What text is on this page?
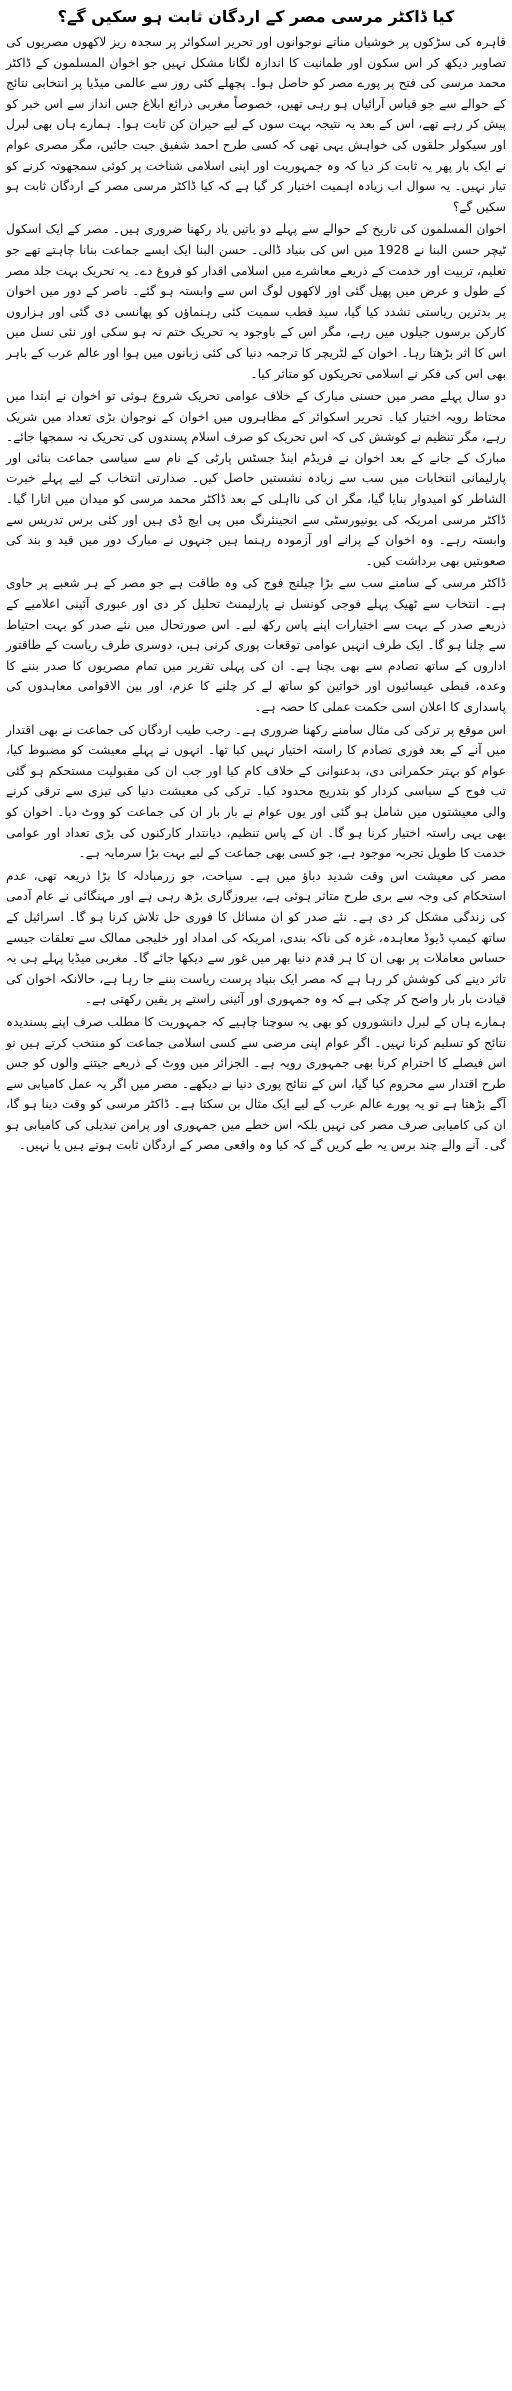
کیا ڈاکٹر مرسی مصر کے اردگان ثابت ہو سکیں گے؟

قاہرہ کی سڑکوں پر خوشیاں مناتے نوجوانوں اور تحریر اسکوائر پر سجدہ ریز لاکھوں مصریوں کی تصاویر دیکھ کر اس سکون اور طمانیت کا اندازہ لگانا مشکل نہیں جو اخوان المسلمون کے ڈاکٹر محمد مرسی کی فتح پر پورے مصر کو حاصل ہوا۔ پچھلے کئی روز سے عالمی میڈیا پر انتخابی نتائج کے حوالے سے جو قیاس آرائیاں ہو رہی تھیں، خصوصاً مغربی ذرائع ابلاغ جس انداز سے اس خبر کو پیش کر رہے تھے، اس کے بعد یہ نتیجہ بہت سوں کے لیے حیران کن ثابت ہوا۔ ہمارے ہاں بھی لبرل اور سیکولر حلقوں کی خواہش یہی تھی کہ کسی طرح احمد شفیق جیت جائیں، مگر مصری عوام نے ایک بار پھر یہ ثابت کر دیا کہ وہ جمہوریت اور اپنی اسلامی شناخت پر کوئی سمجھوتہ کرنے کو تیار نہیں۔ یہ سوال اب زیادہ اہمیت اختیار کر گیا ہے کہ کیا ڈاکٹر مرسی مصر کے اردگان ثابت ہو سکیں گے؟

اخوان المسلمون کی تاریخ کے حوالے سے پہلے دو باتیں یاد رکھنا ضروری ہیں۔ مصر کے ایک اسکول ٹیچر حسن البنا نے 1928 میں اس کی بنیاد ڈالی۔ حسن البنا ایک ایسے جماعت بنانا چاہتے تھے جو تعلیم، تربیت اور خدمت کے ذریعے معاشرے میں اسلامی اقدار کو فروغ دے۔ یہ تحریک بہت جلد مصر کے طول و عرض میں پھیل گئی اور لاکھوں لوگ اس سے وابستہ ہو گئے۔ ناصر کے دور میں اخوان پر بدترین ریاستی تشدد کیا گیا، سید قطب سمیت کئی رہنماؤں کو پھانسی دی گئی اور ہزاروں کارکن برسوں جیلوں میں رہے، مگر اس کے باوجود یہ تحریک ختم نہ ہو سکی اور نئی نسل میں اس کا اثر بڑھتا رہا۔ اخوان کے لٹریچر کا ترجمہ دنیا کی کئی زبانوں میں ہوا اور عالم عرب کے باہر بھی اس کی فکر نے اسلامی تحریکوں کو متاثر کیا۔

دو سال پہلے مصر میں حسنی مبارک کے خلاف عوامی تحریک شروع ہوئی تو اخوان نے ابتدا میں محتاط رویہ اختیار کیا۔ تحریر اسکوائر کے مظاہروں میں اخوان کے نوجوان بڑی تعداد میں شریک رہے، مگر تنظیم نے کوشش کی کہ اس تحریک کو صرف اسلام پسندوں کی تحریک نہ سمجھا جائے۔ مبارک کے جانے کے بعد اخوان نے فریڈم اینڈ جسٹس پارٹی کے نام سے سیاسی جماعت بنائی اور پارلیمانی انتخابات میں سب سے زیادہ نشستیں حاصل کیں۔ صدارتی انتخاب کے لیے پہلے خیرت الشاطر کو امیدوار بنایا گیا، مگر ان کی نااہلی کے بعد ڈاکٹر محمد مرسی کو میدان میں اتارا گیا۔ ڈاکٹر مرسی امریکہ کی یونیورسٹی سے انجینئرنگ میں پی ایچ ڈی ہیں اور کئی برس تدریس سے وابستہ رہے۔ وہ اخوان کے پرانے اور آزمودہ رہنما ہیں جنہوں نے مبارک دور میں قید و بند کی صعوبتیں بھی برداشت کیں۔

ڈاکٹر مرسی کے سامنے سب سے بڑا چیلنج فوج کی وہ طاقت ہے جو مصر کے ہر شعبے پر حاوی ہے۔ انتخاب سے ٹھیک پہلے فوجی کونسل نے پارلیمنٹ تحلیل کر دی اور عبوری آئینی اعلامیے کے ذریعے صدر کے بہت سے اختیارات اپنے پاس رکھ لیے۔ اس صورتحال میں نئے صدر کو بہت احتیاط سے چلنا ہو گا۔ ایک طرف انہیں عوامی توقعات پوری کرنی ہیں، دوسری طرف ریاست کے طاقتور اداروں کے ساتھ تصادم سے بھی بچنا ہے۔ ان کی پہلی تقریر میں تمام مصریوں کا صدر بننے کا وعدہ، قبطی عیسائیوں اور خواتین کو ساتھ لے کر چلنے کا عزم، اور بین الاقوامی معاہدوں کی پاسداری کا اعلان اسی حکمت عملی کا حصہ ہے۔

اس موقع پر ترکی کی مثال سامنے رکھنا ضروری ہے۔ رجب طیب اردگان کی جماعت نے بھی اقتدار میں آنے کے بعد فوری تصادم کا راستہ اختیار نہیں کیا تھا۔ انہوں نے پہلے معیشت کو مضبوط کیا، عوام کو بہتر حکمرانی دی، بدعنوانی کے خلاف کام کیا اور جب ان کی مقبولیت مستحکم ہو گئی تب فوج کے سیاسی کردار کو بتدریج محدود کیا۔ ترکی کی معیشت دنیا کی تیزی سے ترقی کرنے والی معیشتوں میں شامل ہو گئی اور یوں عوام نے بار بار ان کی جماعت کو ووٹ دیا۔ اخوان کو بھی یہی راستہ اختیار کرنا ہو گا۔ ان کے پاس تنظیم، دیانتدار کارکنوں کی بڑی تعداد اور عوامی خدمت کا طویل تجربہ موجود ہے، جو کسی بھی جماعت کے لیے بہت بڑا سرمایہ ہے۔

مصر کی معیشت اس وقت شدید دباؤ میں ہے۔ سیاحت، جو زرمبادلہ کا بڑا ذریعہ تھی، عدم استحکام کی وجہ سے بری طرح متاثر ہوئی ہے، بیروزگاری بڑھ رہی ہے اور مہنگائی نے عام آدمی کی زندگی مشکل کر دی ہے۔ نئے صدر کو ان مسائل کا فوری حل تلاش کرنا ہو گا۔ اسرائیل کے ساتھ کیمپ ڈیوڈ معاہدہ، غزہ کی ناکہ بندی، امریکہ کی امداد اور خلیجی ممالک سے تعلقات جیسے حساس معاملات پر بھی ان کا ہر قدم دنیا بھر میں غور سے دیکھا جائے گا۔ مغربی میڈیا پہلے ہی یہ تاثر دینے کی کوشش کر رہا ہے کہ مصر ایک بنیاد پرست ریاست بننے جا رہا ہے، حالانکہ اخوان کی قیادت بار بار واضح کر چکی ہے کہ وہ جمہوری اور آئینی راستے پر یقین رکھتی ہے۔

ہمارے ہاں کے لبرل دانشوروں کو بھی یہ سوچنا چاہیے کہ جمہوریت کا مطلب صرف اپنے پسندیدہ نتائج کو تسلیم کرنا نہیں۔ اگر عوام اپنی مرضی سے کسی اسلامی جماعت کو منتخب کرتے ہیں تو اس فیصلے کا احترام کرنا بھی جمہوری رویہ ہے۔ الجزائر میں ووٹ کے ذریعے جیتنے والوں کو جس طرح اقتدار سے محروم کیا گیا، اس کے نتائج پوری دنیا نے دیکھے۔ مصر میں اگر یہ عمل کامیابی سے آگے بڑھتا ہے تو یہ پورے عالم عرب کے لیے ایک مثال بن سکتا ہے۔ ڈاکٹر مرسی کو وقت دینا ہو گا، ان کی کامیابی صرف مصر کی نہیں بلکہ اس خطے میں جمہوری اور پرامن تبدیلی کی کامیابی ہو گی۔ آنے والے چند برس یہ طے کریں گے کہ کیا وہ واقعی مصر کے اردگان ثابت ہوتے ہیں یا نہیں۔
